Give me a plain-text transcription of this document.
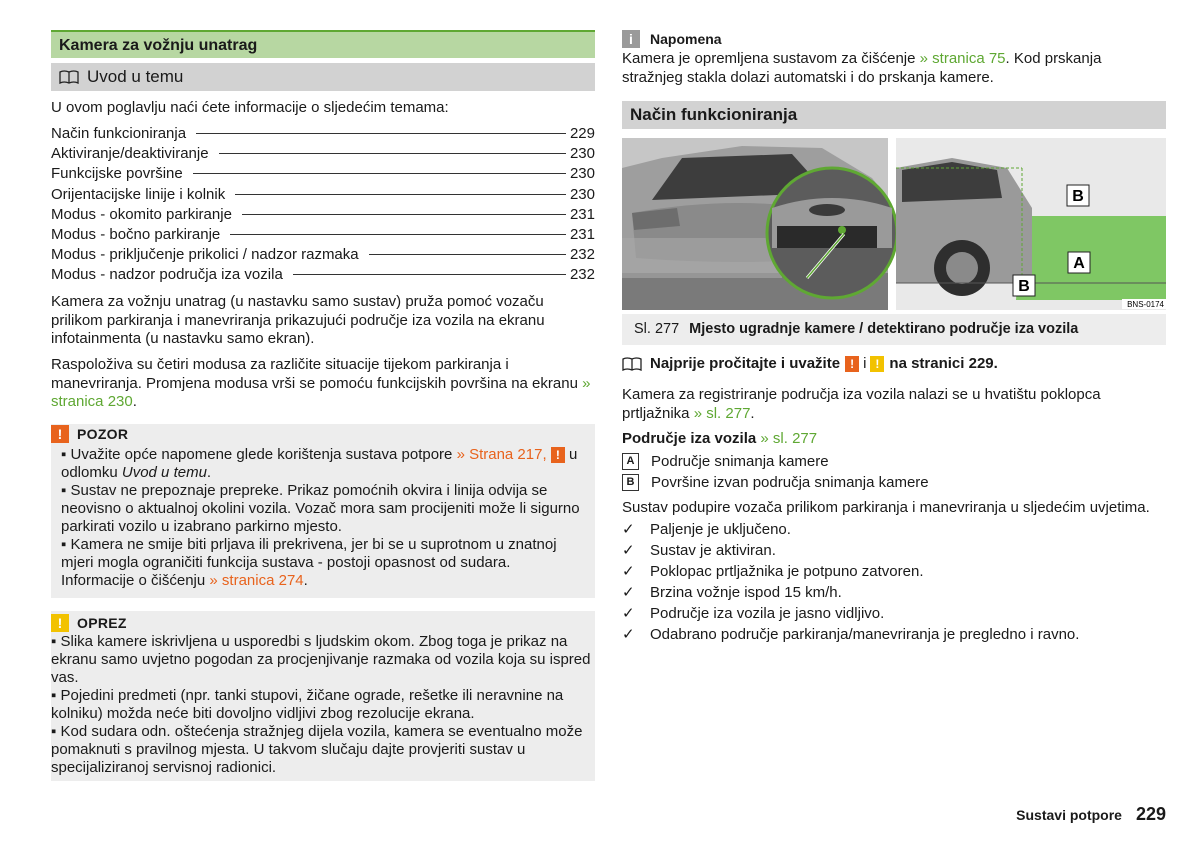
Kamera za vožnju unatrag
Uvod u temu
U ovom poglavlju naći ćete informacije o sljedećim temama:
Način funkcioniranja	229
Aktiviranje/deaktiviranje	230
Funkcijske površine	230
Orijentacijske linije i kolnik	230
Modus - okomito parkiranje	231
Modus - bočno parkiranje	231
Modus - priključenje prikolici / nadzor razmaka	232
Modus - nadzor područja iza vozila	232
Kamera za vožnju unatrag (u nastavku samo sustav) pruža pomoć vozaču prilikom parkiranja i manevriranja prikazujući područje iza vozila na ekranu infotainmenta (u nastavku samo ekran).
Raspoloživa su četiri modusa za različite situacije tijekom parkiranja i manevriranja. Promjena modusa vrši se pomoću funkcijskih površina na ekranu » stranica 230.
!	POZOR
▪ Uvažite opće napomene glede korištenja sustava potpore » Strana 217, ! u odlomku Uvod u temu.
▪ Sustav ne prepoznaje prepreke. Prikaz pomoćnih okvira i linija odvija se neovisno o aktualnoj okolini vozila. Vozač mora sam procijeniti može li sigurno parkirati vozilo u izabrano parkirno mjesto.
▪ Kamera ne smije biti prljava ili prekrivena, jer bi se u suprotnom u znatnoj mjeri mogla ograničiti funkcija sustava - postoji opasnost od sudara. Informacije o čišćenju » stranica 274.
!	OPREZ
▪ Slika kamere iskrivljena u usporedbi s ljudskim okom. Zbog toga je prikaz na ekranu samo uvjetno pogodan za procjenjivanje razmaka od vozila koja su ispred vas.
▪ Pojedini predmeti (npr. tanki stupovi, žičane ograde, rešetke ili neravnine na kolniku) možda neće biti dovoljno vidljivi zbog rezolucije ekrana.
▪ Kod sudara odn. oštećenja stražnjeg dijela vozila, kamera se eventualno može pomaknuti s pravilnog mjesta. U takvom slučaju dajte provjeriti sustav u specijaliziranoj servisnoj radionici.
i	Napomena
Kamera je opremljena sustavom za čišćenje » stranica 75. Kod prskanja stražnjeg stakla dolazi automatski i do prskanja kamere.
Način funkcioniranja
B
A
B
BNS-0174
Sl. 277 Mjesto ugradnje kamere / detektirano područje iza vozila
Najprije pročitajte i uvažite ! i ! na stranici 229.
Kamera za registriranje područja iza vozila nalazi se u hvatištu poklopca prtljažnika » sl. 277.
Područje iza vozila » sl. 277
A	Područje snimanja kamere
B	Površine izvan područja snimanja kamere
Sustav podupire vozača prilikom parkiranja i manevriranja u sljedećim uvjetima.
✓	Paljenje je uključeno.
✓	Sustav je aktiviran.
✓	Poklopac prtljažnika je potpuno zatvoren.
✓	Brzina vožnje ispod 15 km/h.
✓	Područje iza vozila je jasno vidljivo.
✓	Odabrano područje parkiranja/manevriranja je pregledno i ravno.
Sustavi potpore 229
